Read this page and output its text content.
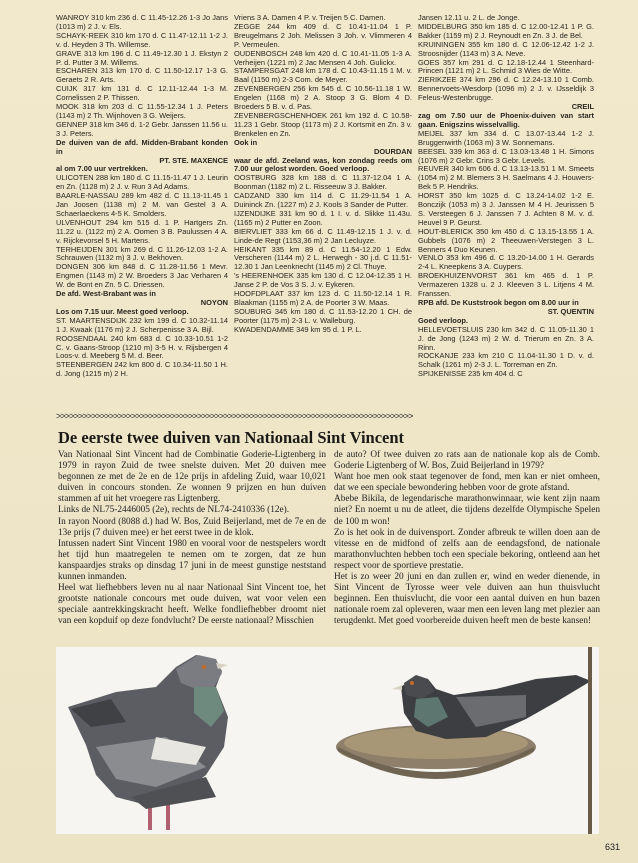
WANROY 310 km 236 d. C 11.45-12.26 1-3 Jo Jans (1013 m) 2 J. v. Els.

SCHAYK-REEK 310 km 170 d. C 11.47-12.11 1-2 J. v. d. Heyden 3 Th. Willemse.

GRAVE 313 km 196 d. C 11.49-12.30 1 J. Ekstyn 2 P. d. Putter 3 M. Willems.

ESCHAREN 313 km 170 d. C 11.50-12.17 1-3 G. Geraets 2 R. Arts.

CUIJK 317 km 131 d. C 12.11-12.44 1-3 M. Cornelissen 2 P. Thissen.

MOOK 318 km 203 d. C 11.55-12.34 1 J. Peters (1143 m) 2 Th. Wijnhoven 3 G. Weijers.

GENNEP 318 km 346 d. 1-2 Gebr. Janssen 11.56 u. 3 J. Peters.

De duiven van de afd. Midden-Brabant konden in

PT. STE. MAXENCE

al om 7.00 uur vertrekken.

ULICOTEN 288 km 180 d. C 11.15-11.47 1 J. Leurin en Zn. (1128 m) 2 J. v. Run 3 Ad Adams.

BAARLE-NASSAU 289 km 482 d. C 11.13-11.45 1 Jan Joosen (1138 m) 2 M. van Gestel 3 A. Schaerlaeckens 4-5 K. Smolders.

ULVENHOUT 294 km 515 d. 1 P. Hartgers Zn. 11.22 u. (1122 m) 2 A. Oomen 3 B. Paulussen 4 A. v. Rijckevorsel 5 H. Martens.

TERHEIJDEN 301 km 269 d. C 11.26-12.03 1-2 A. Schrauwen (1132 m) 3 J. v. Bekhoven.

DONGEN 306 km 848 d. C 11.28-11.56 1 Mevr. Engmen (1143 m) 2 W. Broeders 3 Jac Verharen 4 W. de Bont en Zn. 5 C. Driessen.

De afd. West-Brabant was in

NOYON

Los om 7.15 uur. Meest goed verloop.

ST. MAARTENSDIJK 232 km 199 d. C 10.32-11.14 1 J. Kwaak (1176 m) 2 J. Scherpenisse 3 A. Bijl.

ROOSENDAAL 240 km 683 d. C 10.33-10.51 1-2 C. v. Gaans-Stroop (1210 m) 3-5 H. v. Rijsbergen 4 Loos-v. d. Meeberg 5 M. d. Beer.

STEENBERGEN 242 km 800 d. C 10.34-11.50 1 H. d. Jong (1215 m) 2 H.

Vriens 3 A. Damen 4 P. v. Treijen 5 C. Damen.

ZEGGE 244 km 409 d. C 10.41-11.04 1 P. Breugelmans 2 Joh. Melissen 3 Joh. v. Vlimmeren 4 P. Vermeulen.

OUDENBOSCH 248 km 420 d. C 10.41-11.05 1-3 A. Verheijen (1221 m) 2 Jac Mensen 4 Joh. Gulickx.

STAMPERSGAT 248 km 178 d. C 10.43-11.15 1 M. v. Baal (1150 m) 2-3 Com. de Meyer.

ZEVENBERGEN 256 km 545 d. C 10.56-11.18 1 W. Engelen (1168 m) 2 A. Stoop 3 G. Blom 4 D. Broeders 5 B. v. d. Pas.

ZEVENBERGSCHENHOEK 261 km 192 d. C 10.58-11.23 1 Gebr. Stoop (1173 m) 2 J. Kortsmit en Zn. 3 v. Brenkelen en Zn.

Ook in

DOURDAN

waar de afd. Zeeland was, kon zondag reeds om 7.00 uur gelost worden. Goed verloop.

OOSTBURG 328 km 188 d. C 11.37-12.04 1 A. Boonman (1182 m) 2 L. Risseeuw 3 J. Bakker.

CADZAND 330 km 114 d. C 11.29-11.54 1 A. Duininck Zn. (1227 m) 2 J. Kools 3 Sander de Putter.

IJZENDIJKE 331 km 90 d. 1 I. v. d. Slikke 11.43u. (1165 m) 2 Putter en Zoon.

BIERVLIET 333 km 66 d. C 11.49-12.15 1 J. v. d. Linde-de Regt (1153,36 m) 2 Jan Lecluyze.

HEIKANT 335 km 89 d. C 11.54-12.20 1 Edw. Verscheren (1144 m) 2 L. Herwegh - 30 j.d. C 11.51-12.30 1 Jan Leenknecht (1145 m) 2 Cl. Thuye.

's HEERENHOEK 335 km 130 d. C 12.04-12.35 1 H. Janse 2 P. de Vos 3 S. J. v. Eykeren.

HOOFDPLAAT 337 km 123 d. C 11.50-12.14 1 R. Blaakman (1155 m) 2 A. de Poorter 3 W. Maas.

SOUBURG 345 km 180 d. C 11.53-12.20 1 CH. de Poorter (1175 m) 2-3 L. v. Walleburg.

KWADENDAMME 349 km 95 d. 1 P. L.

Jansen 12.11 u. 2 L. de Jonge.

MIDDELBURG 350 km 185 d. C 12.00-12.41 1 P. G. Bakker (1159 m) 2 J. Reynoudt en Zn. 3 J. de Bel.

KRUININGEN 355 km 180 d. C 12.06-12.42 1-2 J. Stroosnijder (1143 m) 3 A. Neve.

GOES 357 km 291 d. C 12.18-12.44 1 Steenhard-Princen (1121 m) 2 L. Schmid 3 Wies de Witte.

ZIERIKZEE 374 km 296 d. C 12.24-13.10 1 Comb. Bennervoets-Wesdorp (1096 m) 2 J. v. IJsseldijk 3 Feleus-Westenbrugge.

CREIL

zag om 7.50 uur de Phoenix-duiven van start gaan. Enigszins wisselvallig.

MEIJEL 337 km 334 d. C 13.07-13.44 1-2 J. Bruggenwirth (1063 m) 3 W. Sonnemans.

BEESEL 339 km 363 d. C 13.03-13.48 1 H. Simons (1076 m) 2 Gebr. Crins 3 Gebr. Levels.

REUVER 340 km 606 d. C 13.13-13.51 1 M. Smeets (1054 m) 2 M. Blemers 3 H. Saelmans 4 J. Houwers-Bek 5 P. Hendriks.

HORST 350 km 1025 d. C 13.24-14.02 1-2 E. Bonczijk (1053 m) 3 J. Janssen M 4 H. Jeurissen 5 S. Versteegen 6 J. Janssen 7 J. Achten 8 M. v. d. Heuvel 9 P. Geurst.

HOUT-BLERICK 350 km 450 d. C 13.15-13.55 1 A. Gubbels (1076 m) 2 Theeuwen-Verstegen 3 L. Benners 4 Duo Keunen.

VENLO 353 km 496 d. C 13.20-14.00 1 H. Gerards 2-4 L. Kneepkens 3 A. Cuypers.

BROEKHUIZENVORST 361 km 465 d. 1 P. Vermazeren 1328 u. 2 J. Kleeven 3 L. Litjens 4 M. Franssen.

RPB afd. De Kuststrook begon om 8.00 uur in

ST. QUENTIN

Goed verloop.

HELLEVOETSLUIS 230 km 342 d. C 11.05-11.30 1 J. de Jong (1243 m) 2 W. d. Trierum en Zn. 3 A. Rinn.

ROCKANJE 233 km 210 C 11.04-11.30 1 D. v. d. Schalk (1261 m) 2-3 J. L. Torreman en Zn.

SPIJKENISSE 235 km 404 d. C

>>>>>>>>>>>>>>>>>>>>>>>>>>>>>>>>>>>>>>>>>>>>>>>>>>>>>>>>>>>>>>>>>>>>>>>>>>>>>>>>>
De eerste twee duiven van Nationaal Sint Vincent

Van Nationaal Sint Vincent had de Combinatie Goderie-Ligtenberg in 1979 in rayon Zuid de twee snelste duiven. Met 20 duiven mee begonnen ze met de 2e en de 12e prijs in afdeling Zuid, waar 10,021 duiven in concours stonden. Ze wonnen 9 prijzen en hun duiven stammen af uit het vroegere ras Ligtenberg.

Links de NL75-2446005 (2e), rechts de NL74-2410336 (12e).

In rayon Noord (8088 d.) had W. Bos, Zuid Beijerland, met de 7e en de 13e prijs (7 duiven mee) er het eerst twee in de klok.

Intussen nadert Sint Vincent 1980 en vooral voor de nestspelers wordt het tijd hun maatregelen te nemen om te zorgen, dat ze hun kanspaardjes straks op dinsdag 17 juni in de meest gunstige neststand kunnen inmanden.

Heel wat liefhebbers leven nu al naar Nationaal Sint Vincent toe, het grootste nationale concours met oude duiven, wat voor velen een speciale aantrekkingskracht heeft. Welke fondliefhebber droomt niet van een kopduif op deze fondvlucht? De eerste nationaal? Misschien

de auto? Of twee duiven zo rats aan de nationale kop als de Comb. Goderie Ligtenberg of W. Bos, Zuid Beijerland in 1979?

Want hoe men ook staat tegenover de fond, men kan er niet omheen, dat we een speciale bewondering hebben voor de grote afstand.

Abebe Bikila, de legendarische marathonwinnaar, wie kent zijn naam niet? En noemt u nu de atleet, die tijdens dezelfde Olympische Spelen de 100 m won!

Zo is het ook in de duivensport. Zonder afbreuk te willen doen aan de vitesse en de midfond of zelfs aan de eendagsfond, de nationale marathonvluchten hebben toch een speciale bekoring, ontleend aan het respect voor de sportieve prestatie.

Het is zo weer 20 juni en dan zullen er, wind en weder dienende, in Sint Vincent de Tyrosse weer vele duiven aan hun thuisvlucht beginnen. Een thuisvlucht, die voor een aantal duiven en hun bazen nationale roem zal opleveren, waar men een leven lang met plezier aan terugdenkt. Met goed voorbereide duiven heeft men de beste kansen!

631
